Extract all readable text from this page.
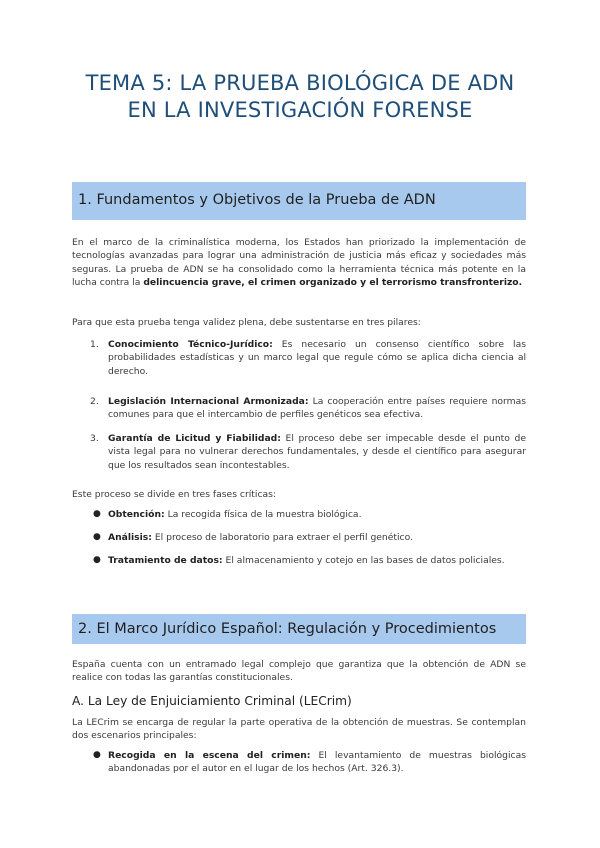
TEMA 5: LA PRUEBA BIOLÓGICA DE ADN
EN LA INVESTIGACIÓN FORENSE
1. Fundamentos y Objetivos de la Prueba de ADN
En el marco de la criminalística moderna, los Estados han priorizado la implementación de tecnologías avanzadas para lograr una administración de justicia más eficaz y sociedades más seguras. La prueba de ADN se ha consolidado como la herramienta técnica más potente en la lucha contra la delincuencia grave, el crimen organizado y el terrorismo transfronterizo.
Para que esta prueba tenga validez plena, debe sustentarse en tres pilares:
1. Conocimiento Técnico-Jurídico: Es necesario un consenso científico sobre las probabilidades estadísticas y un marco legal que regule cómo se aplica dicha ciencia al derecho.
2. Legislación Internacional Armonizada: La cooperación entre países requiere normas comunes para que el intercambio de perfiles genéticos sea efectiva.
3. Garantía de Licitud y Fiabilidad: El proceso debe ser impecable desde el punto de vista legal para no vulnerar derechos fundamentales, y desde el científico para asegurar que los resultados sean incontestables.
Este proceso se divide en tres fases críticas:
● Obtención: La recogida física de la muestra biológica.
● Análisis: El proceso de laboratorio para extraer el perfil genético.
● Tratamiento de datos: El almacenamiento y cotejo en las bases de datos policiales.
2. El Marco Jurídico Español: Regulación y Procedimientos
España cuenta con un entramado legal complejo que garantiza que la obtención de ADN se realice con todas las garantías constitucionales.
A. La Ley de Enjuiciamiento Criminal (LECrim)
La LECrim se encarga de regular la parte operativa de la obtención de muestras. Se contemplan dos escenarios principales:
● Recogida en la escena del crimen: El levantamiento de muestras biológicas abandonadas por el autor en el lugar de los hechos (Art. 326.3).
